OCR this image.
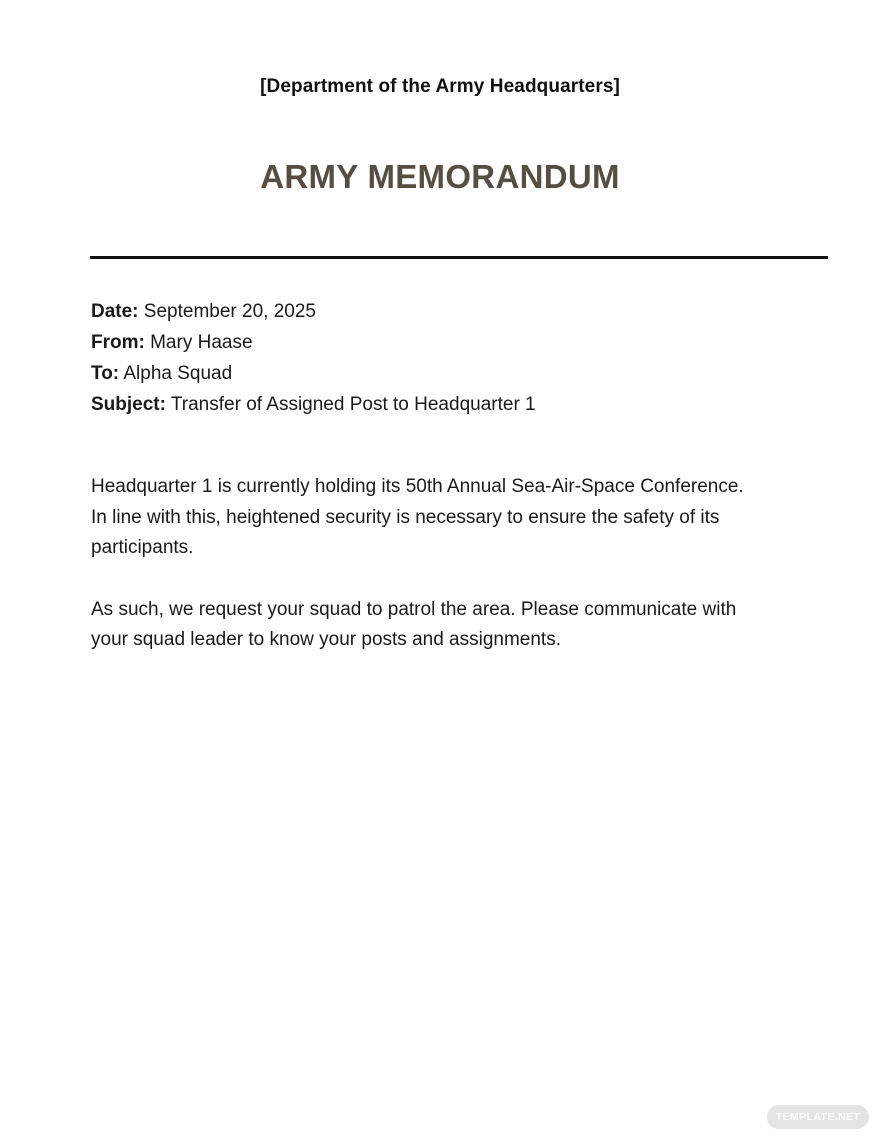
[Department of the Army Headquarters]
ARMY MEMORANDUM
Date: September 20, 2025
From: Mary Haase
To: Alpha Squad
Subject: Transfer of Assigned Post to Headquarter 1

Headquarter 1 is currently holding its 50th Annual Sea-Air-Space Conference.
In line with this, heightened security is necessary to ensure the safety of its
participants.

As such, we request your squad to patrol the area. Please communicate with
your squad leader to know your posts and assignments.

TEMPLATE.NET
